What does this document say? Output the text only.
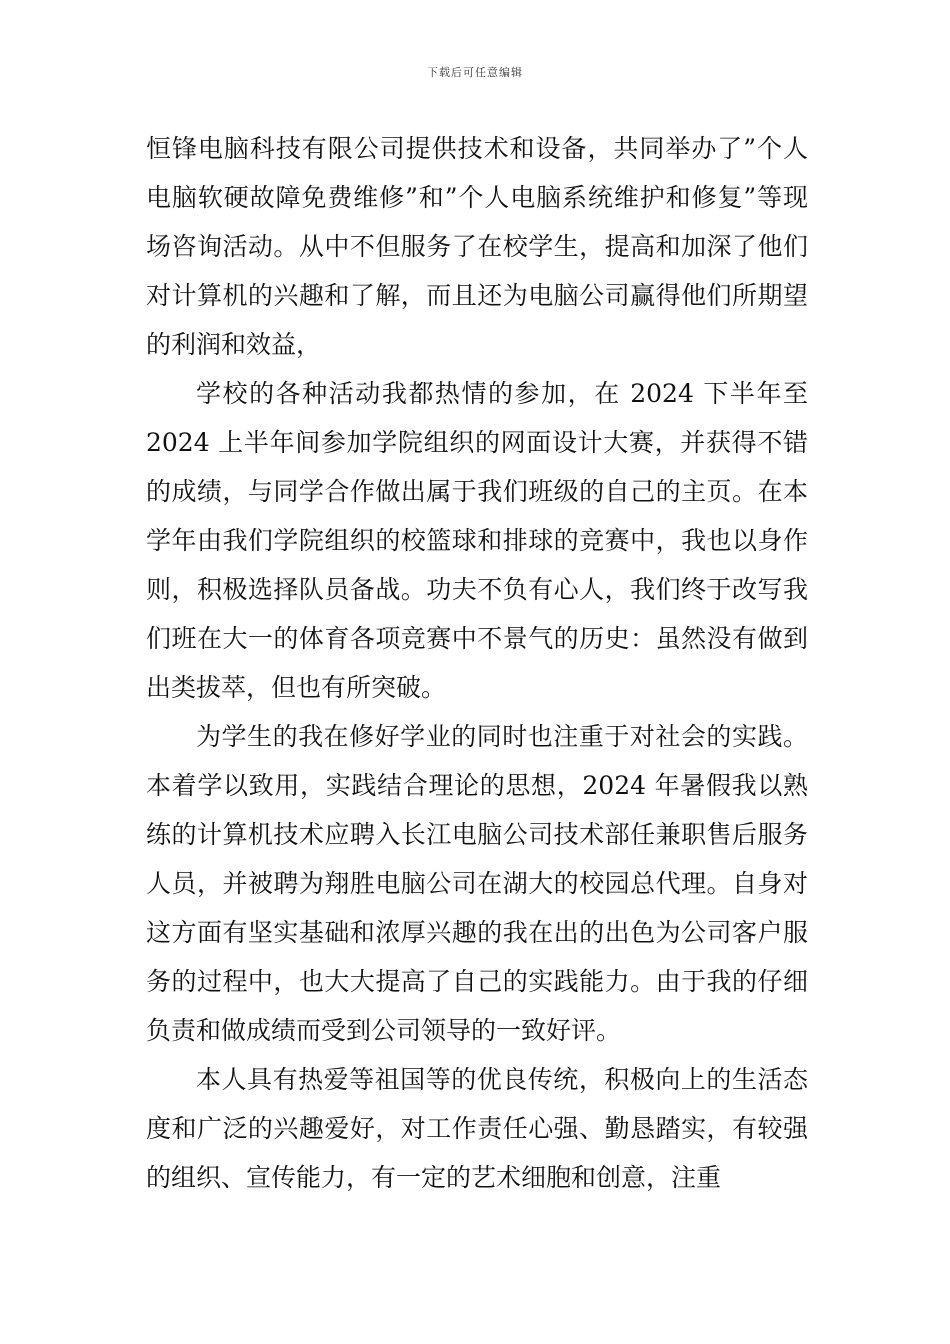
下载后可任意编辑

恒锋电脑科技有限公司提供技术和设备，共同举办了”个人电脑软硬故障免费维修”和”个人电脑系统维护和修复”等现场咨询活动。从中不但服务了在校学生，提高和加深了他们对计算机的兴趣和了解，而且还为电脑公司赢得他们所期望的利润和效益，

学校的各种活动我都热情的参加，在 2024 下半年至 2024 上半年间参加学院组织的网面设计大赛，并获得不错的成绩，与同学合作做出属于我们班级的自己的主页。在本学年由我们学院组织的校篮球和排球的竞赛中，我也以身作则，积极选择队员备战。功夫不负有心人，我们终于改写我们班在大一的体育各项竞赛中不景气的历史：虽然没有做到出类拔萃，但也有所突破。

为学生的我在修好学业的同时也注重于对社会的实践。本着学以致用，实践结合理论的思想，2024 年暑假我以熟练的计算机技术应聘入长江电脑公司技术部任兼职售后服务人员，并被聘为翔胜电脑公司在湖大的校园总代理。自身对这方面有坚实基础和浓厚兴趣的我在出的出色为公司客户服务的过程中，也大大提高了自己的实践能力。由于我的仔细负责和做成绩而受到公司领导的一致好评。

本人具有热爱等祖国等的优良传统，积极向上的生活态度和广泛的兴趣爱好，对工作责任心强、勤恳踏实，有较强的组织、宣传能力，有一定的艺术细胞和创意，注重
